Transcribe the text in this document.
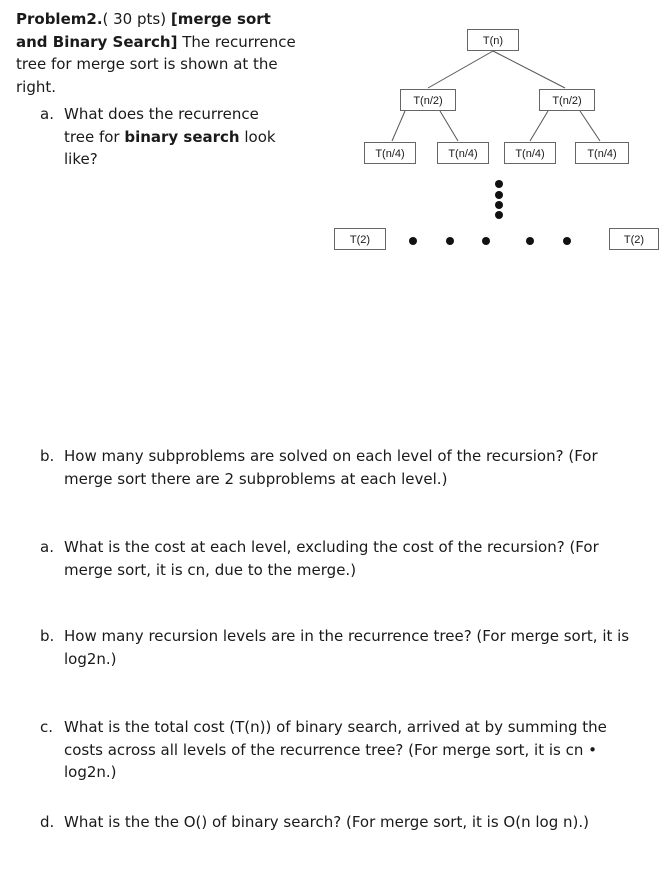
Problem2.( 30 pts) [merge sort
and Binary Search] The recurrence
tree for merge sort is shown at the
right.
a. What does the recurrence
tree for binary search look
like?
T(n)
T(n/2)	T(n/2)
T(n/4)	T(n/4)	T(n/4)	T(n/4)
T(2)	T(2)
b. How many subproblems are solved on each level of the recursion? (For
merge sort there are 2 subproblems at each level.)
a. What is the cost at each level, excluding the cost of the recursion? (For
merge sort, it is cn, due to the merge.)
b. How many recursion levels are in the recurrence tree? (For merge sort, it is
log2n.)
c. What is the total cost (T(n)) of binary search, arrived at by summing the
costs across all levels of the recurrence tree? (For merge sort, it is cn •
log2n.)
d. What is the the O() of binary search? (For merge sort, it is O(n log n).)
